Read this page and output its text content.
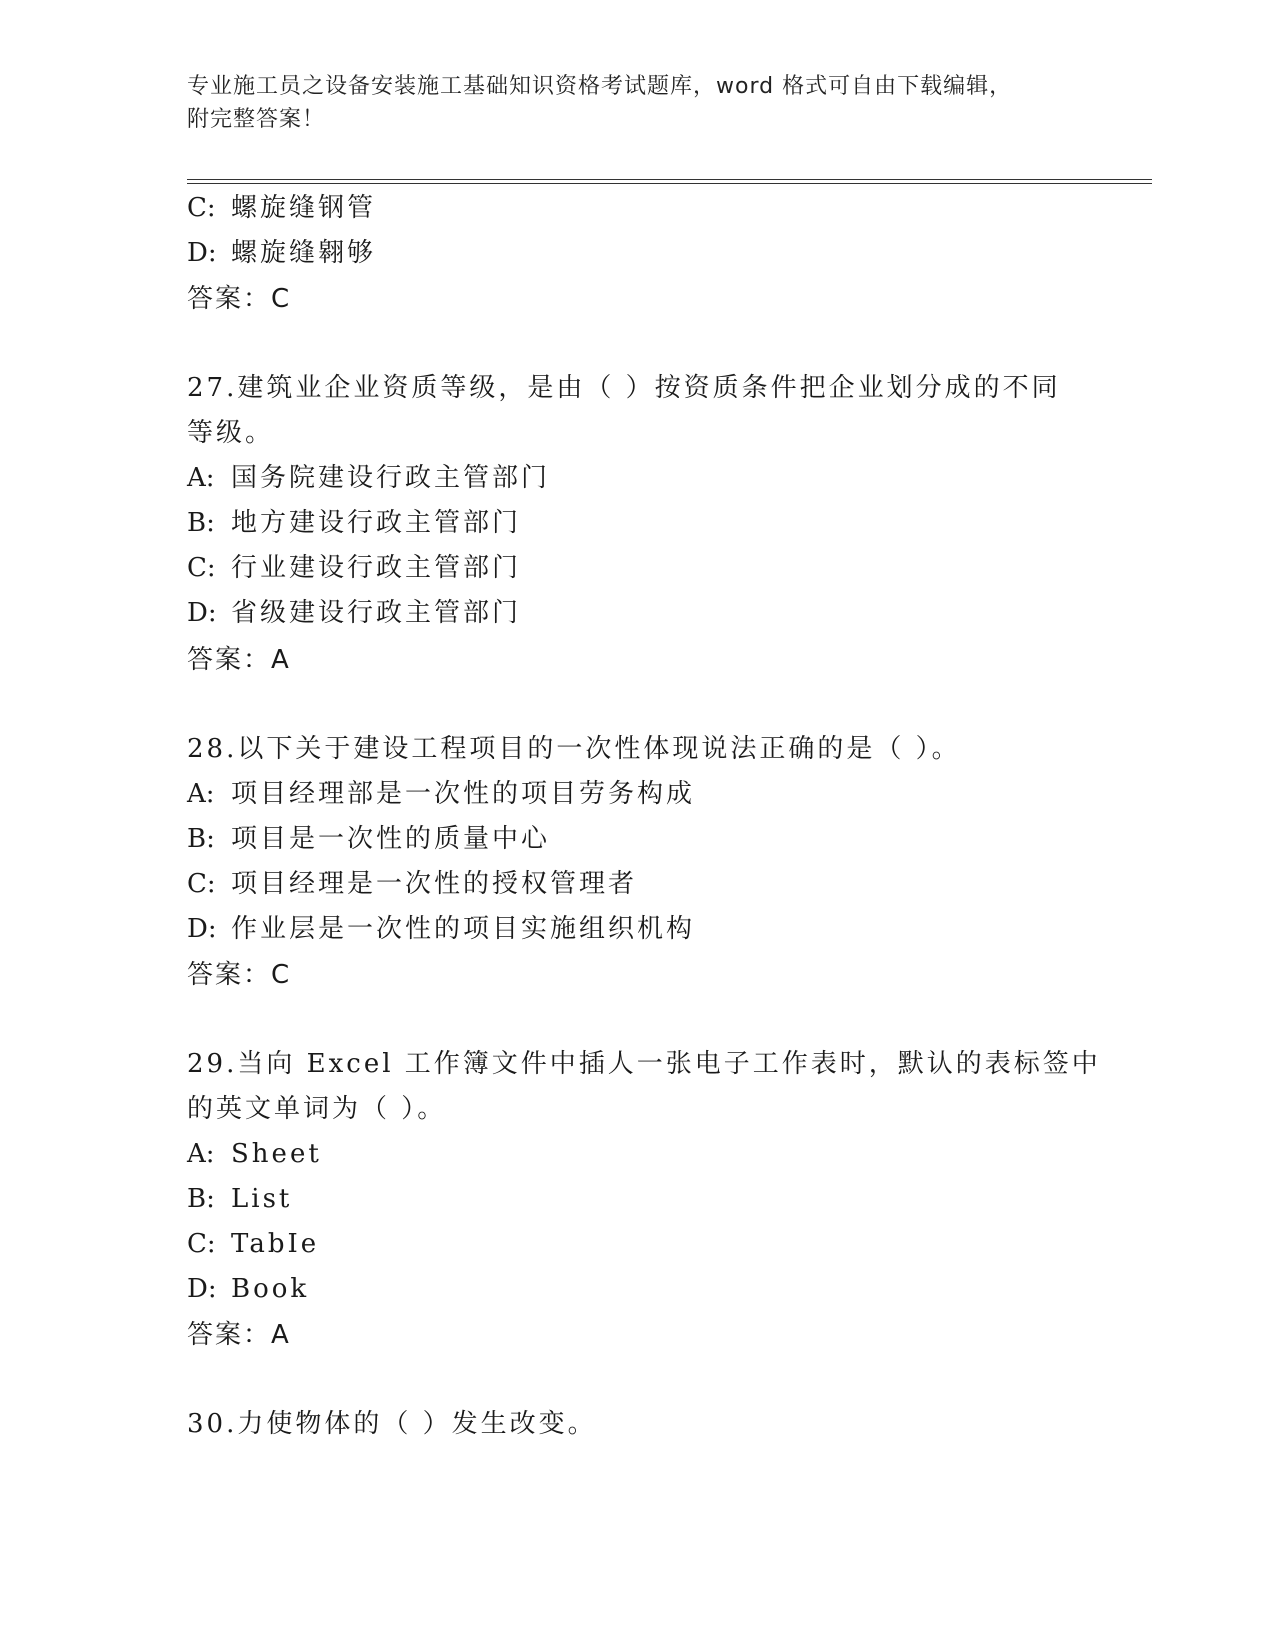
专业施工员之设备安装施工基础知识资格考试题库，word 格式可自由下载编辑，
附完整答案！
C: 螺旋缝钢管
D: 螺旋缝翱够
答案：C
27.建筑业企业资质等级，是由（ ）按资质条件把企业划分成的不同
等级。
A: 国务院建设行政主管部门
B: 地方建设行政主管部门
C: 行业建设行政主管部门
D: 省级建设行政主管部门
答案：A
28.以下关于建设工程项目的一次性体现说法正确的是（ ）。
A: 项目经理部是一次性的项目劳务构成
B: 项目是一次性的质量中心
C: 项目经理是一次性的授权管理者
D: 作业层是一次性的项目实施组织机构
答案：C
29.当向 Excel 工作簿文件中插人一张电子工作表时，默认的表标签中
的英文单词为（ ）。
A: Sheet
B: List
C: TabIe
D: Book
答案：A
30.力使物体的（ ）发生改变。
